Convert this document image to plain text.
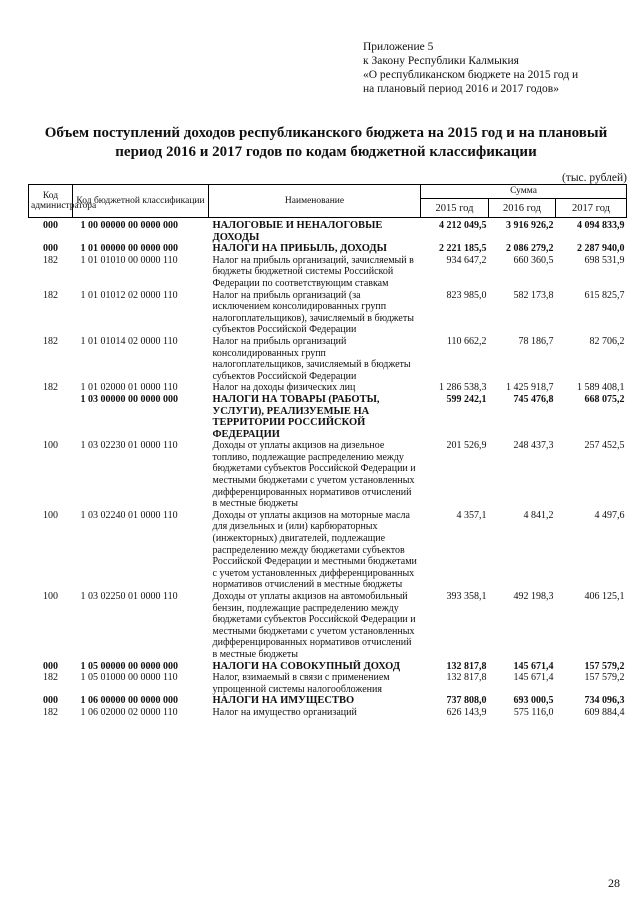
Приложение 5
к Закону Республики Калмыкия
«О республиканском бюджете на 2015 год и
на плановый период 2016 и 2017 годов»
Объем поступлений доходов республиканского бюджета на 2015 год и на плановый
период 2016 и 2017 годов по кодам бюджетной классификации
(тыс. рублей)
Код администратора	Код бюджетной классификации	Наименование	Сумма		
			2015 год	2016 год	2017 год
000	1 00 00000 00 0000 000	НАЛОГОВЫЕ И НЕНАЛОГОВЫЕ ДОХОДЫ	4 212 049,5	3 916 926,2	4 094 833,9
000	1 01 00000 00 0000 000	НАЛОГИ НА ПРИБЫЛЬ, ДОХОДЫ	2 221 185,5	2 086 279,2	2 287 940,0
182	1 01 01010 00 0000 110	Налог на прибыль организаций, зачисляемый в бюджеты бюджетной системы Российской Федерации по соответствующим ставкам	934 647,2	660 360,5	698 531,9
182	1 01 01012 02 0000 110	Налог на прибыль организаций (за исключением консолидированных групп налогоплательщиков), зачисляемый в бюджеты субъектов Российской Федерации	823 985,0	582 173,8	615 825,7
182	1 01 01014 02 0000 110	Налог на прибыль организаций консолидированных групп налогоплательщиков, зачисляемый в бюджеты субъектов Российской Федерации	110 662,2	78 186,7	82 706,2
182	1 01 02000 01 0000 110	Налог на доходы физических лиц	1 286 538,3	1 425 918,7	1 589 408,1
	1 03 00000 00 0000 000	НАЛОГИ НА ТОВАРЫ (РАБОТЫ, УСЛУГИ), РЕАЛИЗУЕМЫЕ НА ТЕРРИТОРИИ РОССИЙСКОЙ ФЕДЕРАЦИИ	599 242,1	745 476,8	668 075,2
100	1 03 02230 01 0000 110	Доходы от уплаты акцизов на дизельное топливо, подлежащие распределению между бюджетами субъектов Российской Федерации и местными бюджетами с учетом установленных дифференцированных нормативов отчислений в местные бюджеты	201 526,9	248 437,3	257 452,5
100	1 03 02240 01 0000 110	Доходы от уплаты акцизов на моторные масла для дизельных и (или) карбюраторных (инжекторных) двигателей, подлежащие распределению между бюджетами субъектов Российской Федерации и местными бюджетами с учетом установленных дифференцированных нормативов отчислений в местные бюджеты	4 357,1	4 841,2	4 497,6
100	1 03 02250 01 0000 110	Доходы от уплаты акцизов на автомобильный бензин, подлежащие распределению между бюджетами субъектов Российской Федерации и местными бюджетами с учетом установленных дифференцированных нормативов отчислений в местные бюджеты	393 358,1	492 198,3	406 125,1
000	1 05 00000 00 0000 000	НАЛОГИ НА СОВОКУПНЫЙ ДОХОД	132 817,8	145 671,4	157 579,2
182	1 05 01000 00 0000 110	Налог, взимаемый в связи с применением упрощенной системы налогообложения	132 817,8	145 671,4	157 579,2
000	1 06 00000 00 0000 000	НАЛОГИ НА ИМУЩЕСТВО	737 808,0	693 000,5	734 096,3
182	1 06 02000 02 0000 110	Налог на имущество организаций	626 143,9	575 116,0	609 884,4
28
